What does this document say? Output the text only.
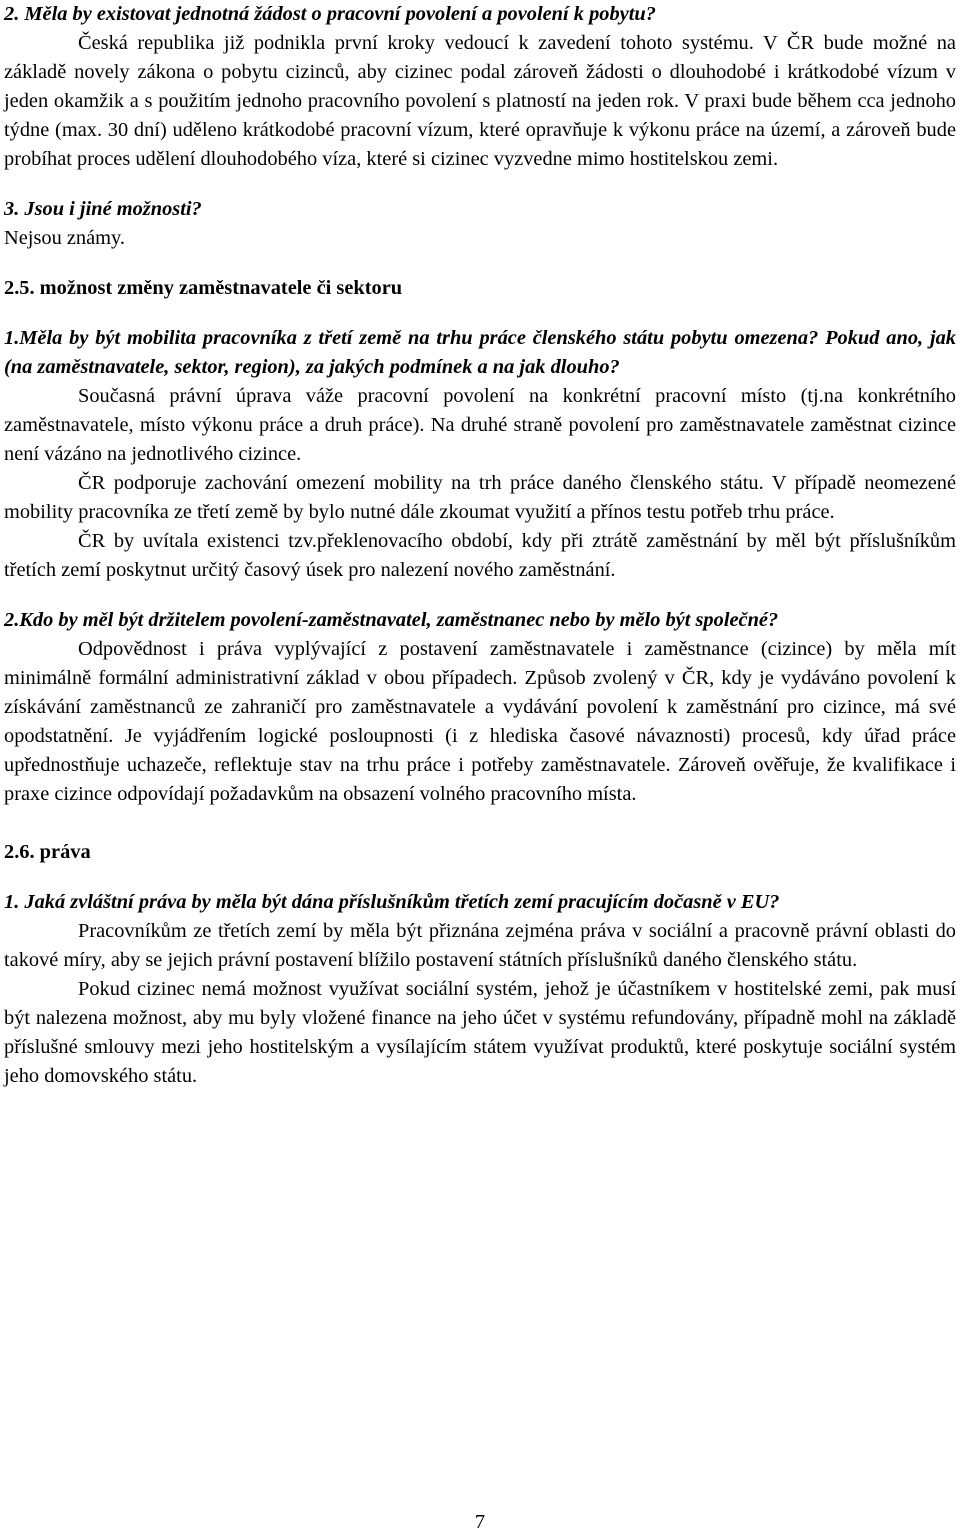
2. Měla by existovat jednotná žádost o pracovní povolení a povolení k pobytu?

Česká republika již podnikla první kroky vedoucí k zavedení tohoto systému. V ČR bude možné na základě novely zákona o pobytu cizinců, aby cizinec podal zároveň žádosti o dlouhodobé i krátkodobé vízum v jeden okamžik a s použitím jednoho pracovního povolení s platností na jeden rok. V praxi bude během cca jednoho týdne (max. 30 dní) uděleno krátkodobé pracovní vízum, které opravňuje k výkonu práce na území, a zároveň bude probíhat proces udělení dlouhodobého víza, které si cizinec vyzvedne mimo hostitelskou zemi.

3. Jsou i jiné možnosti?

Nejsou známy.

2.5. možnost změny zaměstnavatele či sektoru

1.Měla by být mobilita pracovníka z třetí země na trhu práce členského státu pobytu omezena? Pokud ano, jak (na zaměstnavatele, sektor, region), za jakých podmínek a na jak dlouho?

Současná právní úprava váže pracovní povolení na konkrétní pracovní místo (tj.na konkrétního zaměstnavatele, místo výkonu práce a druh práce). Na druhé straně povolení pro zaměstnavatele zaměstnat cizince není vázáno na jednotlivého cizince.

ČR podporuje zachování omezení mobility na trh práce daného členského státu. V případě neomezené mobility pracovníka ze třetí země by bylo nutné dále zkoumat využití a přínos testu potřeb trhu práce.

ČR by uvítala existenci tzv.překlenovacího období, kdy při ztrátě zaměstnání by měl být příslušníkům třetích zemí poskytnut určitý časový úsek pro nalezení nového zaměstnání.

2.Kdo by měl být držitelem povolení-zaměstnavatel, zaměstnanec nebo by mělo být společné?

Odpovědnost i práva vyplývající z postavení zaměstnavatele i zaměstnance (cizince) by měla mít minimálně formální administrativní základ v obou případech. Způsob zvolený v ČR, kdy je vydáváno povolení k získávání zaměstnanců ze zahraničí pro zaměstnavatele a vydávání povolení k zaměstnání pro cizince, má své opodstatnění. Je vyjádřením logické posloupnosti (i z hlediska časové návaznosti) procesů, kdy úřad práce upřednostňuje uchazeče, reflektuje stav na trhu práce i potřeby zaměstnavatele. Zároveň ověřuje, že kvalifikace i praxe cizince odpovídají požadavkům na obsazení volného pracovního místa.

2.6. práva

1. Jaká zvláštní práva by měla být dána příslušníkům třetích zemí pracujícím dočasně v EU?

Pracovníkům ze třetích zemí by měla být přiznána zejména práva v sociální a pracovně právní oblasti do takové míry, aby se jejich právní postavení blížilo postavení státních příslušníků daného členského státu.

Pokud cizinec nemá možnost využívat sociální systém, jehož je účastníkem v hostitelské zemi, pak musí být nalezena možnost, aby mu byly vložené finance na jeho účet v systému refundovány, případně mohl na základě příslušné smlouvy mezi jeho hostitelským a vysílajícím státem využívat produktů, které poskytuje sociální systém jeho domovského státu.

7
